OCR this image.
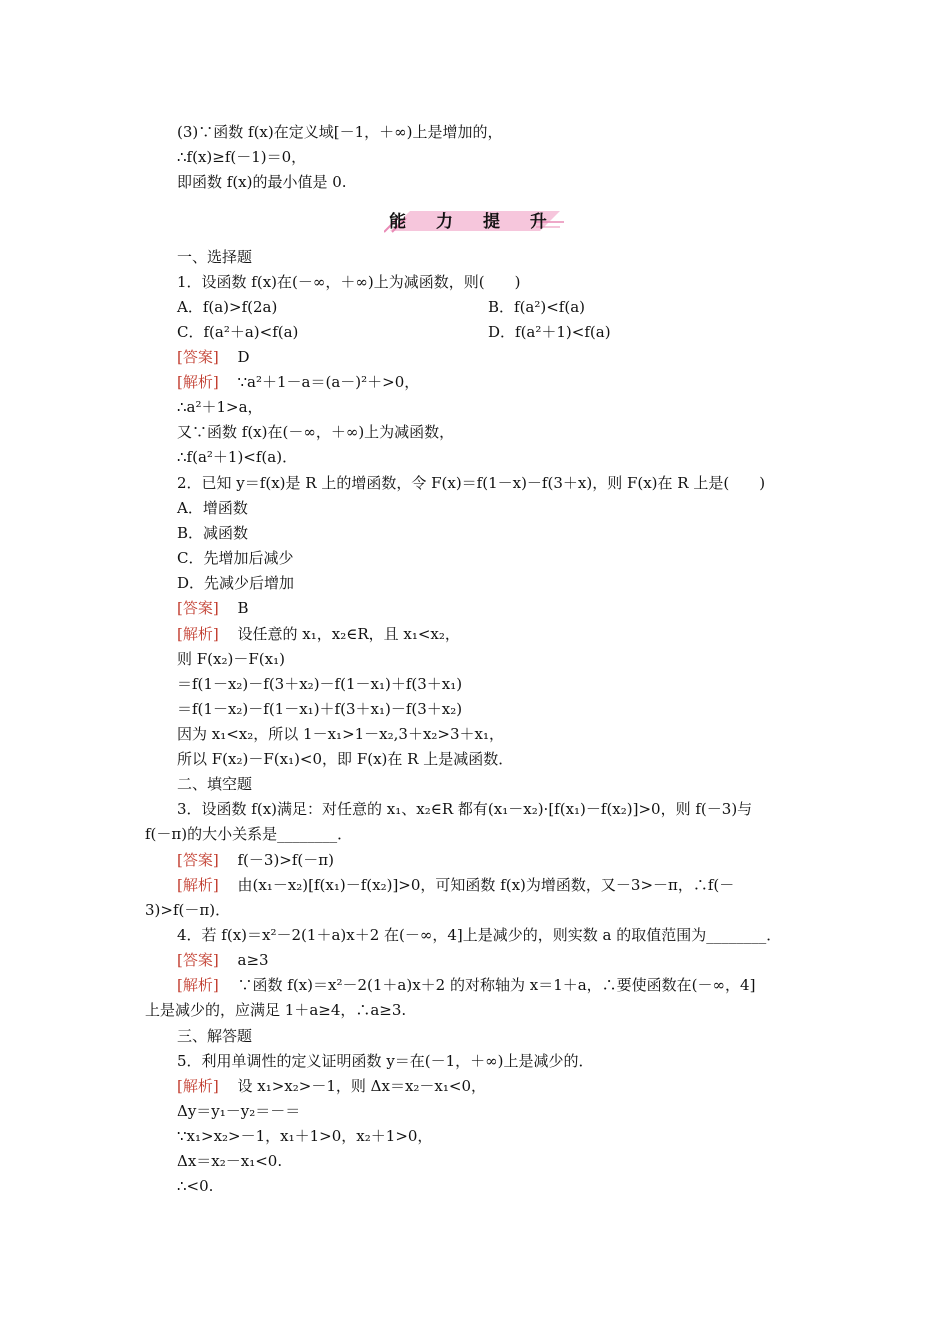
(3)∵函数 f(x)在定义域[－1，＋∞)上是增加的，
∴f(x)≥f(－1)＝0，
即函数 f(x)的最小值是 0.
能 力 提 升
一、选择题
1．设函数 f(x)在(－∞，＋∞)上为减函数，则(　　)
A．f(a)>f(2a)	B．f(a²)<f(a)
C．f(a²＋a)<f(a)	D．f(a²＋1)<f(a)
[答案] D
[解析] ∵a²＋1－a＝(a－)²＋>0，
∴a²＋1>a，
又∵函数 f(x)在(－∞，＋∞)上为减函数，
∴f(a²＋1)<f(a)．
2．已知 y＝f(x)是 R 上的增函数，令 F(x)＝f(1－x)－f(3＋x)，则 F(x)在 R 上是(　　)
A．增函数
B．减函数
C．先增加后减少
D．先减少后增加
[答案] B
[解析] 设任意的 x₁，x₂∈R，且 x₁<x₂，
则 F(x₂)－F(x₁)
＝f(1－x₂)－f(3＋x₂)－f(1－x₁)＋f(3＋x₁)
＝f(1－x₂)－f(1－x₁)＋f(3＋x₁)－f(3＋x₂)
因为 x₁<x₂，所以 1－x₁>1－x₂,3＋x₂>3＋x₁，
所以 F(x₂)－F(x₁)<0，即 F(x)在 R 上是减函数．
二、填空题
3．设函数 f(x)满足：对任意的 x₁、x₂∈R 都有(x₁－x₂)·[f(x₁)－f(x₂)]>0，则 f(－3)与
f(－π)的大小关系是________．
[答案] f(－3)>f(－π)
[解析] 由(x₁－x₂)[f(x₁)－f(x₂)]>0，可知函数 f(x)为增函数，又－3>－π，∴f(－
3)>f(－π)．
4．若 f(x)＝x²－2(1＋a)x＋2 在(－∞，4]上是减少的，则实数 a 的取值范围为________．
[答案] a≥3
[解析] ∵函数 f(x)＝x²－2(1＋a)x＋2 的对称轴为 x＝1＋a，∴要使函数在(－∞，4]
上是减少的，应满足 1＋a≥4，∴a≥3.
三、解答题
5．利用单调性的定义证明函数 y＝在(－1，＋∞)上是减少的．
[解析] 设 x₁>x₂>－1，则 Δx＝x₂－x₁<0，
Δy＝y₁－y₂＝－＝
∵x₁>x₂>－1，x₁＋1>0，x₂＋1>0，
Δx＝x₂－x₁<0.
∴<0.
